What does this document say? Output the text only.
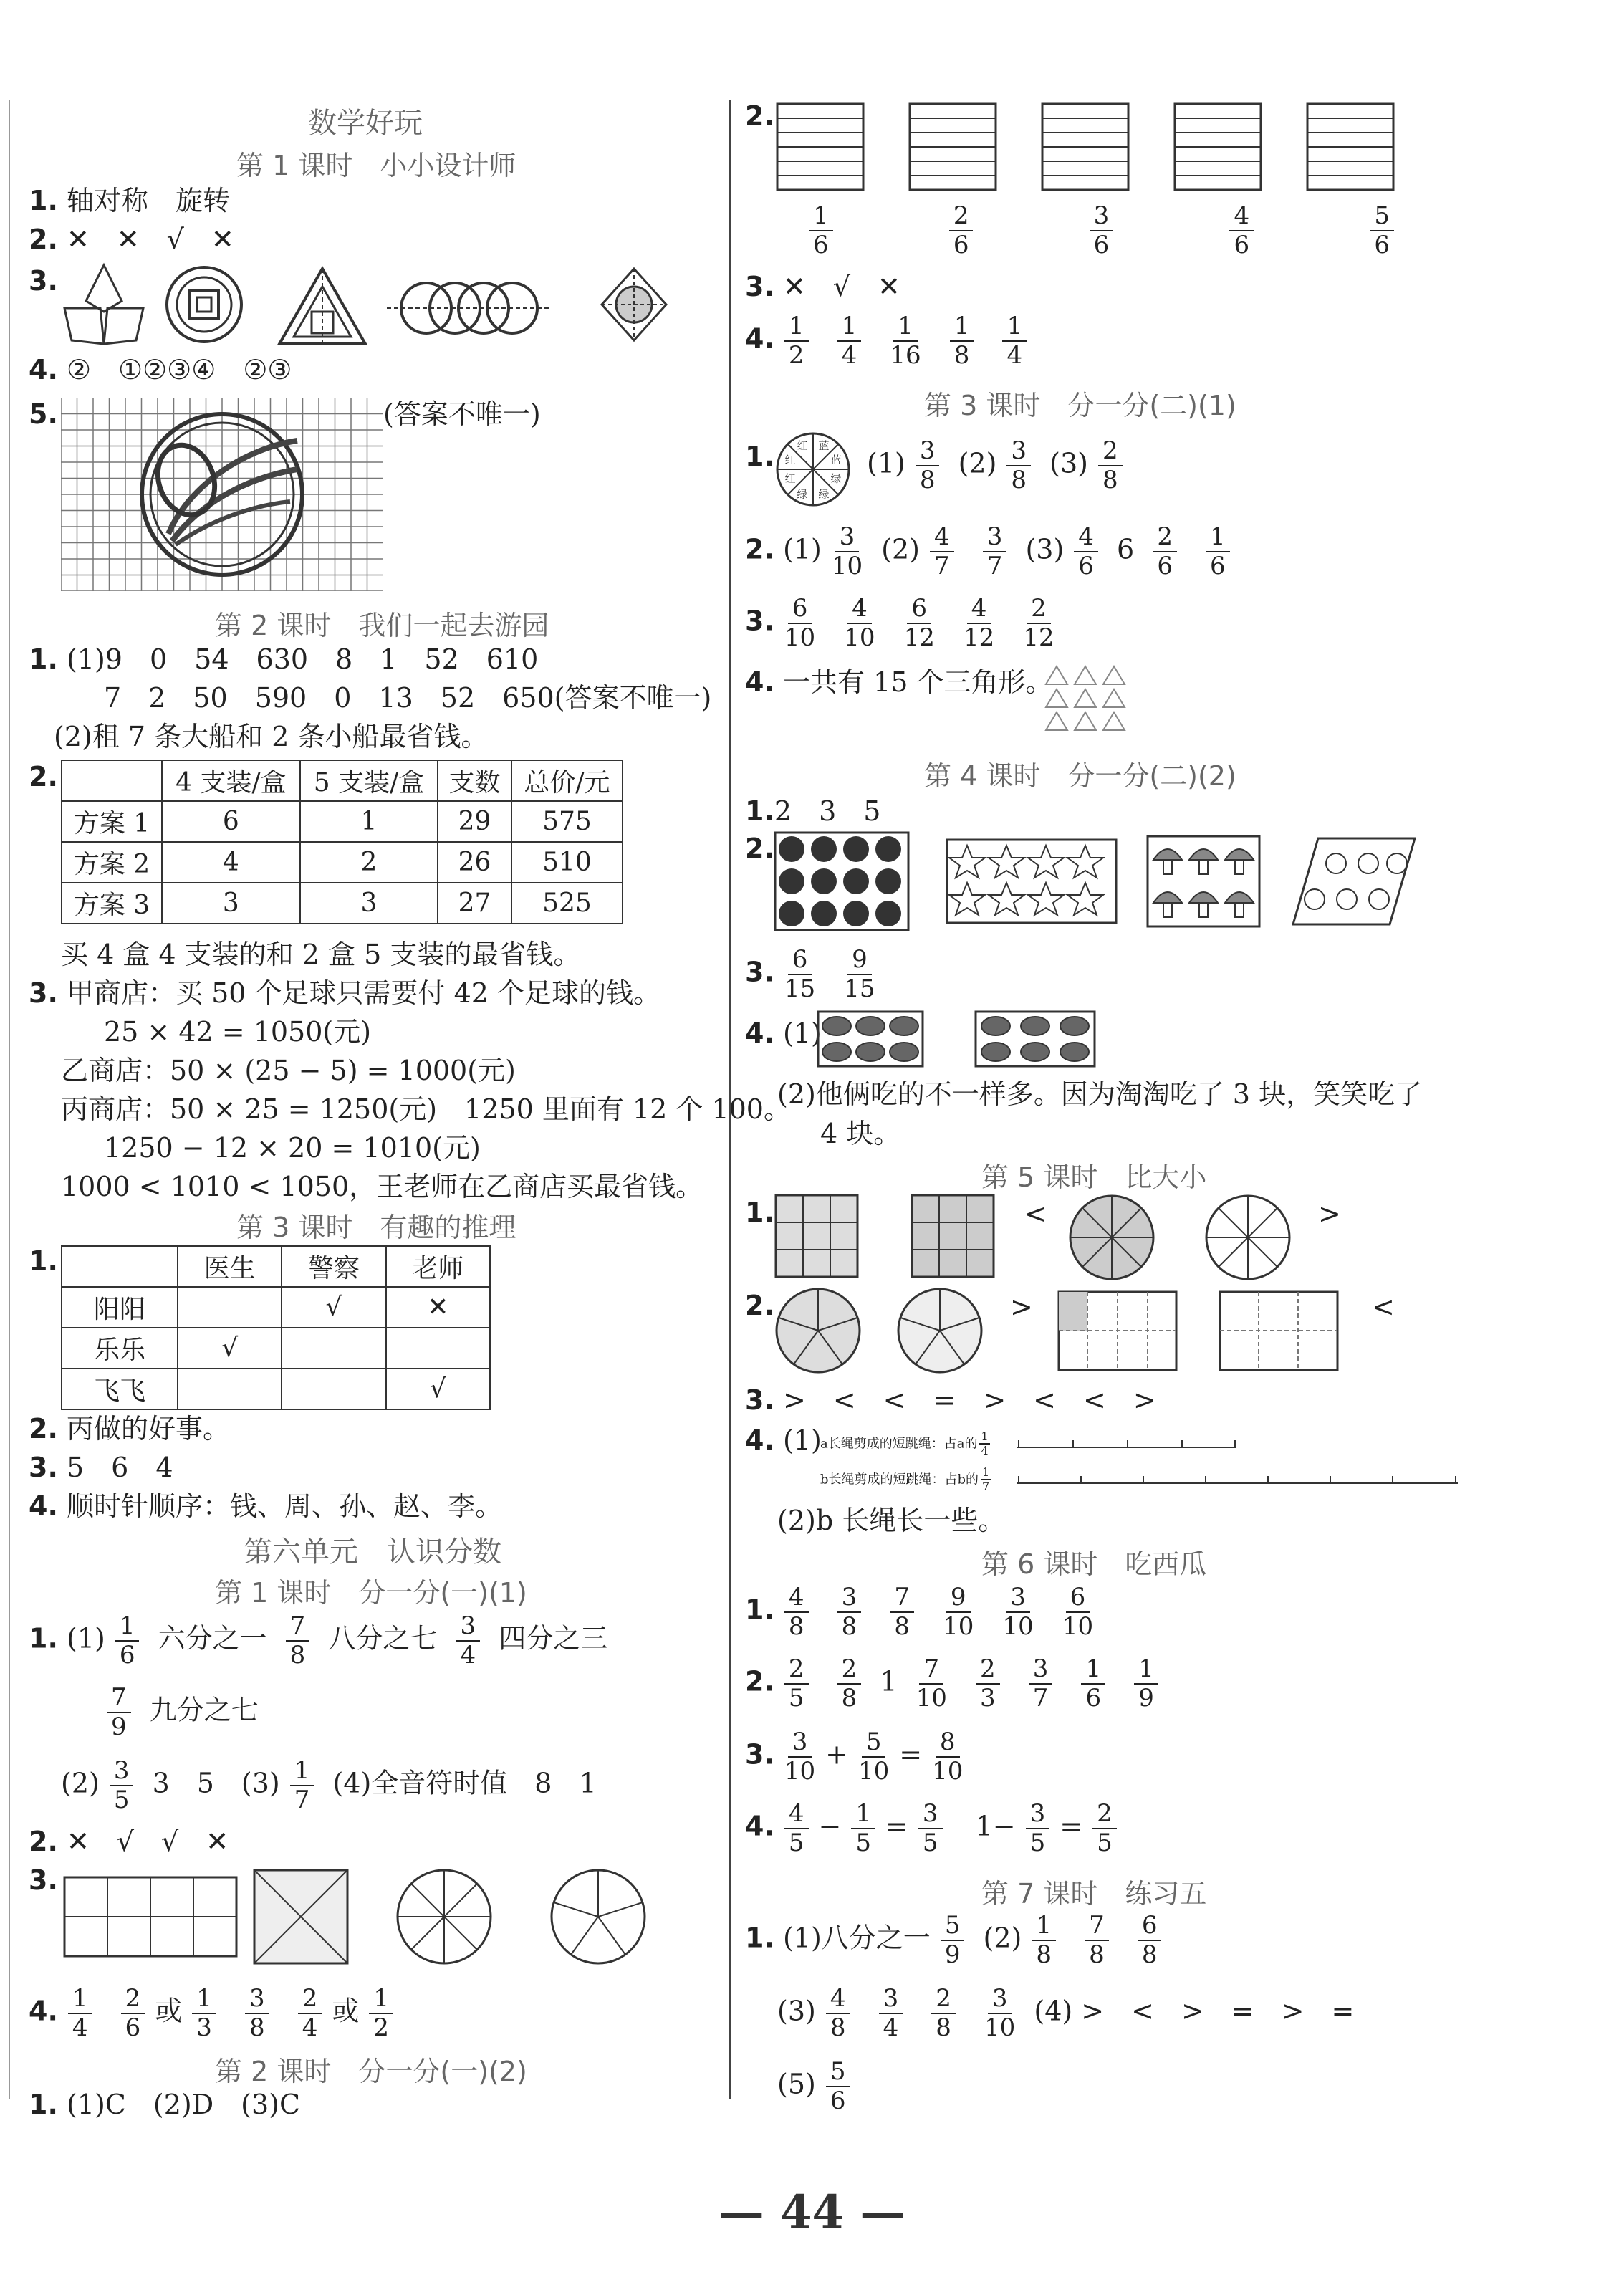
数学好玩
第 1 课时　小小设计师
1. 轴对称　旋转
2. ✕　✕　√　✕
3.
4. ②　①②③④　②③
5.	(答案不唯一)
第 2 课时　我们一起去游园
1. (1)9　0　54　630　8　1　52　610
7　2　50　590　0　13　52　650(答案不唯一)
(2)租 7 条大船和 2 条小船最省钱。
2.
		4 支装/盒	5 支装/盒	支数	总价/元
方案 1	6	1	29	575
方案 2	4	2	26	510
方案 3	3	3	27	525
买 4 盒 4 支装的和 2 盒 5 支装的最省钱。
3. 甲商店：买 50 个足球只需要付 42 个足球的钱。
25 × 42 = 1050(元)
乙商店：50 × (25 − 5) = 1000(元)
丙商店：50 × 25 = 1250(元)　1250 里面有 12 个 100。
1250 − 12 × 20 = 1010(元)
1000 < 1010 < 1050，王老师在乙商店买最省钱。
第 3 课时　有趣的推理
1.
		医生	警察	老师
阳阳		√	✕
乐乐	√		
飞飞			√
2. 丙做的好事。
3. 5　6　4
4. 顺时针顺序：钱、周、孙、赵、李。
第六单元　认识分数
第 1 课时　分一分(一)(1)
1. $(1) \frac{1}{6}$ 六分之一 $\frac{7}{8}$ 八分之七 $\frac{3}{4}$ 四分之三
$\frac{7}{9}$ 九分之七
$(2) \frac{3}{5} 3$　5　$(3) \frac{1}{7} (4)$全音符时值　8　1
2. ✕　√　√　✕
3.
4. $\frac{1}{4}$
$\frac{2}{6}$ 或 $\frac{1}{3}$
$\frac{3}{8}$
$\frac{2}{4}$ 或 $\frac{1}{2}$
第 2 课时　分一分(一)(2)
1. (1)C　(2)D　(3)C
2.
$\frac{1}{6}$
	$\frac{2}{6}$
	$\frac{3}{6}$
	$\frac{4}{6}$
	$\frac{5}{6}$
3. ✕　√　✕
4. $\frac{1}{2}$
$\frac{1}{4}$
$\frac{1}{16}$
$\frac{1}{8}$
$\frac{1}{4}$
第 3 课时　分一分(二)(1)
1. 红 蓝
蓝
红
红	绿
绿 绿
$(1) \frac{3}{8} (2) \frac{3}{8} (3) \frac{2}{8}$
2. $(1) \frac{3}{10} (2) \frac{4}{7}$
$\frac{3}{7} (3) \frac{4}{6} 6 \frac{2}{6}$
$\frac{1}{6}$
3. $\frac{6}{10}$
$\frac{4}{10}$
$\frac{6}{12}$
$\frac{4}{12}$
$\frac{2}{12}$
4. 一共有 15 个三角形。
第 4 课时　分一分(二)(2)
1.2　3　5
2.
3. $\frac{6}{15}$
$\frac{9}{15}$
4. (1)
(2)他俩吃的不一样多。因为淘淘吃了 3 块，笑笑吃了
4 块。
第 5 课时　比大小
1.	<	>
2.	>	<
3. >　<　<　=　>　<　<　>
4. (1)
a长绳剪成的短跳绳：占a的 $\frac{1}{4}$
b长绳剪成的短跳绳：占b的 $\frac{1}{7}$
(2)b 长绳长一些。
第 6 课时　吃西瓜
1. $\frac{4}{8}$
$\frac{3}{8}$
$\frac{7}{8}$
$\frac{9}{10}$
$\frac{3}{10}$
$\frac{6}{10}$
2. $\frac{2}{5}$
$\frac{2}{8} 1 \frac{7}{10}$
$\frac{2}{3}$
$\frac{3}{7}$
$\frac{1}{6}$
$\frac{1}{9}$
3. $\frac{3}{10} + \frac{5}{10} = \frac{8}{10}$
4. $\frac{4}{5} - \frac{1}{5} = \frac{3}{5} 1- \frac{3}{5} = \frac{2}{5}$
第 7 课时　练习五
1. (1)八分之一 $\frac{5}{9} (2) \frac{1}{8}$
$\frac{7}{8}$
$\frac{6}{8}$
$(3) \frac{4}{8}$
$\frac{3}{4}$
$\frac{2}{8}$
$\frac{3}{10} (4)$ >　<　>　=　>　=
$(5) \frac{5}{6}$
— 44 —
